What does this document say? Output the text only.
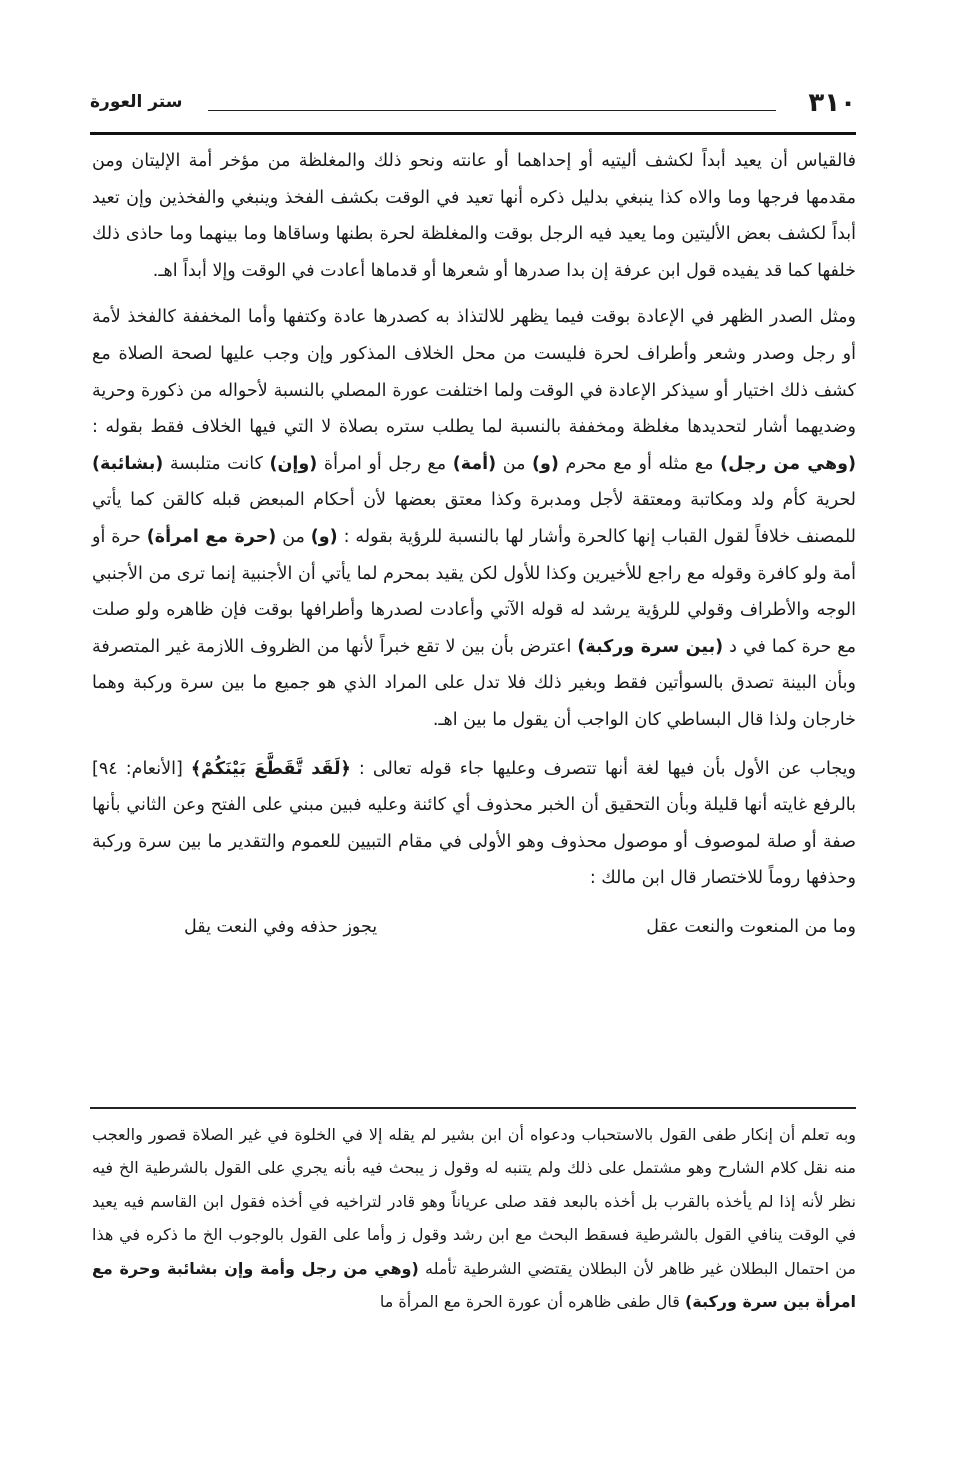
٣١٠
ستر العورة

فالقياس أن يعيد أبداً لكشف أليتيه أو إحداهما أو عانته ونحو ذلك والمغلظة من مؤخر أمة الإليتان ومن مقدمها فرجها وما والاه كذا ينبغي بدليل ذكره أنها تعيد في الوقت بكشف الفخذ وينبغي والفخذين وإن تعيد أبداً لكشف بعض الأليتين وما يعيد فيه الرجل بوقت والمغلظة لحرة بطنها وساقاها وما بينهما وما حاذى ذلك خلفها كما قد يفيده قول ابن عرفة إن بدا صدرها أو شعرها أو قدماها أعادت في الوقت وإلا أبداً اهـ.

ومثل الصدر الظهر في الإعادة بوقت فيما يظهر للالتذاذ به كصدرها عادة وكتفها وأما المخففة كالفخذ لأمة أو رجل وصدر وشعر وأطراف لحرة فليست من محل الخلاف المذكور وإن وجب عليها لصحة الصلاة مع كشف ذلك اختيار أو سيذكر الإعادة في الوقت ولما اختلفت عورة المصلي بالنسبة لأحواله من ذكورة وحرية وضديهما أشار لتحديدها مغلظة ومخففة بالنسبة لما يطلب ستره بصلاة لا التي فيها الخلاف فقط بقوله : (وهي من رجل) مع مثله أو مع محرم (و) من (أمة) مع رجل أو امرأة (وإن) كانت متلبسة (بشائبة) لحرية كأم ولد ومكاتبة ومعتقة لأجل ومدبرة وكذا معتق بعضها لأن أحكام المبعض قبله كالقن كما يأتي للمصنف خلافاً لقول القباب إنها كالحرة وأشار لها بالنسبة للرؤية بقوله : (و) من (حرة مع امرأة) حرة أو أمة ولو كافرة وقوله مع راجع للأخيرين وكذا للأول لكن يقيد بمحرم لما يأتي أن الأجنبية إنما ترى من الأجنبي الوجه والأطراف وقولي للرؤية يرشد له قوله الآتي وأعادت لصدرها وأطرافها بوقت فإن ظاهره ولو صلت مع حرة كما في د (بين سرة وركبة) اعترض بأن بين لا تقع خبراً لأنها من الظروف اللازمة غير المتصرفة وبأن البينة تصدق بالسوأتين فقط وبغير ذلك فلا تدل على المراد الذي هو جميع ما بين سرة وركبة وهما خارجان ولذا قال البساطي كان الواجب أن يقول ما بين اهـ.

ويجاب عن الأول بأن فيها لغة أنها تتصرف وعليها جاء قوله تعالى : ﴿لَقَد تَّقَطَّعَ بَيْنَكُمْ﴾ [الأنعام: ٩٤] بالرفع غايته أنها قليلة وبأن التحقيق أن الخبر محذوف أي كائنة وعليه فبين مبني على الفتح وعن الثاني بأنها صفة أو صلة لموصوف أو موصول محذوف وهو الأولى في مقام التبيين للعموم والتقدير ما بين سرة وركبة وحذفها روماً للاختصار قال ابن مالك :

وما من المنعوت والنعت عقل
يجوز حذفه وفي النعت يقل

وبه تعلم أن إنكار طفى القول بالاستحباب ودعواه أن ابن بشير لم يقله إلا في الخلوة في غير الصلاة قصور والعجب منه نقل كلام الشارح وهو مشتمل على ذلك ولم يتنبه له وقول ز يبحث فيه بأنه يجري على القول بالشرطية الخ فيه نظر لأنه إذا لم يأخذه بالقرب بل أخذه بالبعد فقد صلى عرياناً وهو قادر لتراخيه في أخذه فقول ابن القاسم فيه يعيد في الوقت ينافي القول بالشرطية فسقط البحث مع ابن رشد وقول ز وأما على القول بالوجوب الخ ما ذكره في هذا من احتمال البطلان غير ظاهر لأن البطلان يقتضي الشرطية تأمله (وهي من رجل وأمة وإن بشائبة وحرة مع امرأة بين سرة وركبة) قال طفى ظاهره أن عورة الحرة مع المرأة ما
